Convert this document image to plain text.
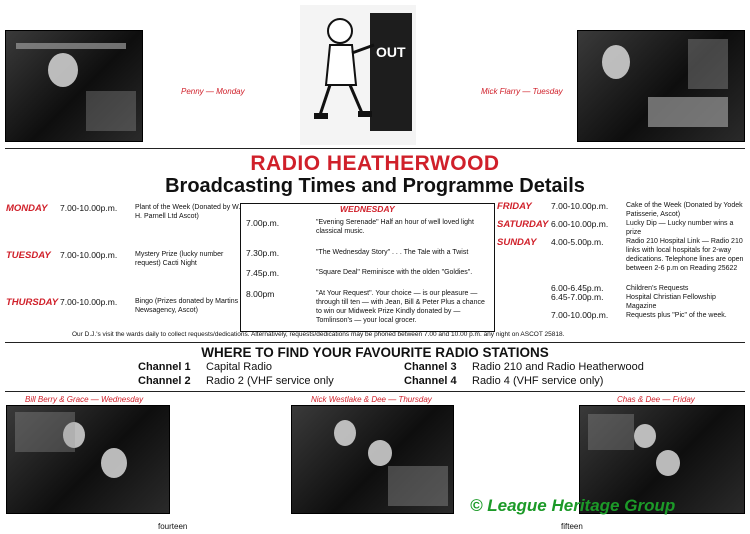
Penny — Monday
OUT
Mick Flarry — Tuesday
RADIO HEATHERWOOD
Broadcasting Times and Programme Details
MONDAY 7.00-10.00p.m.	Plant of the Week (Donated by W. H. Parnell Ltd Ascot)
TUESDAY 7.00-10.00p.m.	Mystery Prize (lucky number request) Cacti Night
THURSDAY 7.00-10.00p.m.	Bingo (Prizes donated by Martins Newsagency, Ascot)
WEDNESDAY
7.00p.m.	"Evening Serenade" Half an hour of well loved light classical music.
7.30p.m.	"The Wednesday Story" . . . The Tale with a Twist
7.45p.m.	"Square Deal" Reminisce with the olden "Goldies".
8.00pm	"At Your Request". Your choice — is our pleasure — through till ten — with Jean, Bill & Peter Plus a chance to win our Midweek Prize Kindly donated by — Tomlinson's — your local grocer.
FRIDAY 7.00-10.00p.m.	Cake of the Week (Donated by Yodek Patisserie, Ascot)
SATURDAY 6.00-10.00p.m.	Lucky Dip — Lucky number wins a prize
SUNDAY 4.00-5.00p.m.	Radio 210 Hospital Link — Radio 210 links with local hospitals for 2-way dedications. Telephone lines are open between 2-6 p.m on Reading 25622
6.00-6.45p.m.	Children's Requests
6.45-7.00p.m.	Hospital Christian Fellowship Magazine
7.00-10.00p.m.	Requests plus "Pic" of the week.
Our D.J.'s visit the wards daily to collect requests/dedications. Alternatively, requests/dedications may be phoned between 7.00 and 10.00 p.m. any night on ASCOT 25818.
WHERE TO FIND YOUR FAVOURITE RADIO STATIONS
Channel 1 Capital Radio
Channel 2 Radio 2 (VHF service only
Channel 3 Radio 210 and Radio Heatherwood
Channel 4 Radio 4 (VHF service only)
Bill Berry & Grace — Wednesday	Nick Westlake & Dee — Thursday	Chas & Dee — Friday
fourteen	fifteen
© League Heritage Group
